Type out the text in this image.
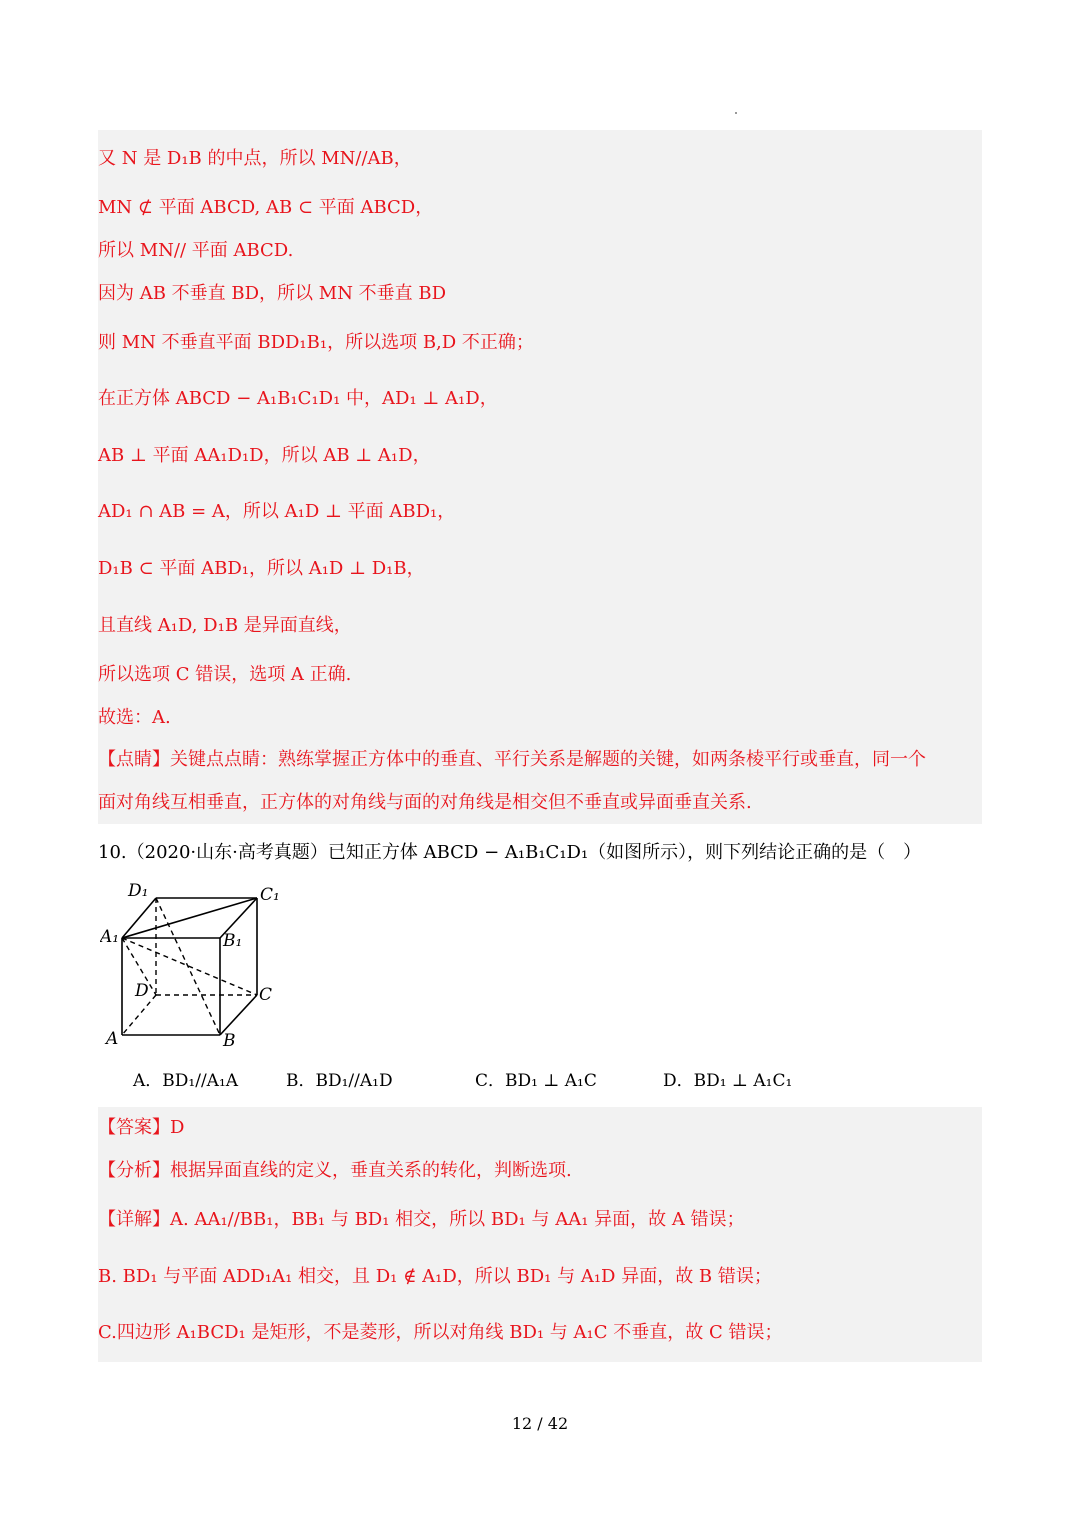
又 N 是 D₁B 的中点，所以 MN//AB，
MN ⊄ 平面 ABCD, AB ⊂ 平面 ABCD，
所以 MN// 平面 ABCD.
因为 AB 不垂直 BD，所以 MN 不垂直 BD
则 MN 不垂直平面 BDD₁B₁，所以选项 B,D 不正确；
在正方体 ABCD − A₁B₁C₁D₁ 中，AD₁ ⊥ A₁D，
AB ⊥ 平面 AA₁D₁D，所以 AB ⊥ A₁D，
AD₁ ∩ AB = A，所以 A₁D ⊥ 平面 ABD₁，
D₁B ⊂ 平面 ABD₁，所以 A₁D ⊥ D₁B，
且直线 A₁D, D₁B 是异面直线，
所以选项 C 错误，选项 A 正确.
故选：A.
【点睛】关键点点睛：熟练掌握正方体中的垂直、平行关系是解题的关键，如两条棱平行或垂直，同一个
面对角线互相垂直，正方体的对角线与面的对角线是相交但不垂直或异面垂直关系.
10.（2020·山东·高考真题）已知正方体 ABCD − A₁B₁C₁D₁（如图所示），则下列结论正确的是（　）
D₁	C₁
A₁	B₁
D	C
A	B
A．BD₁//A₁A	B．BD₁//A₁D	C．BD₁ ⊥ A₁C	D．BD₁ ⊥ A₁C₁
【答案】D
【分析】根据异面直线的定义，垂直关系的转化，判断选项.
【详解】A. AA₁//BB₁，BB₁ 与 BD₁ 相交，所以 BD₁ 与 AA₁ 异面，故 A 错误；
B. BD₁ 与平面 ADD₁A₁ 相交，且 D₁ ∉ A₁D，所以 BD₁ 与 A₁D 异面，故 B 错误；
C.四边形 A₁BCD₁ 是矩形，不是菱形，所以对角线 BD₁ 与 A₁C 不垂直，故 C 错误；
12 / 42
